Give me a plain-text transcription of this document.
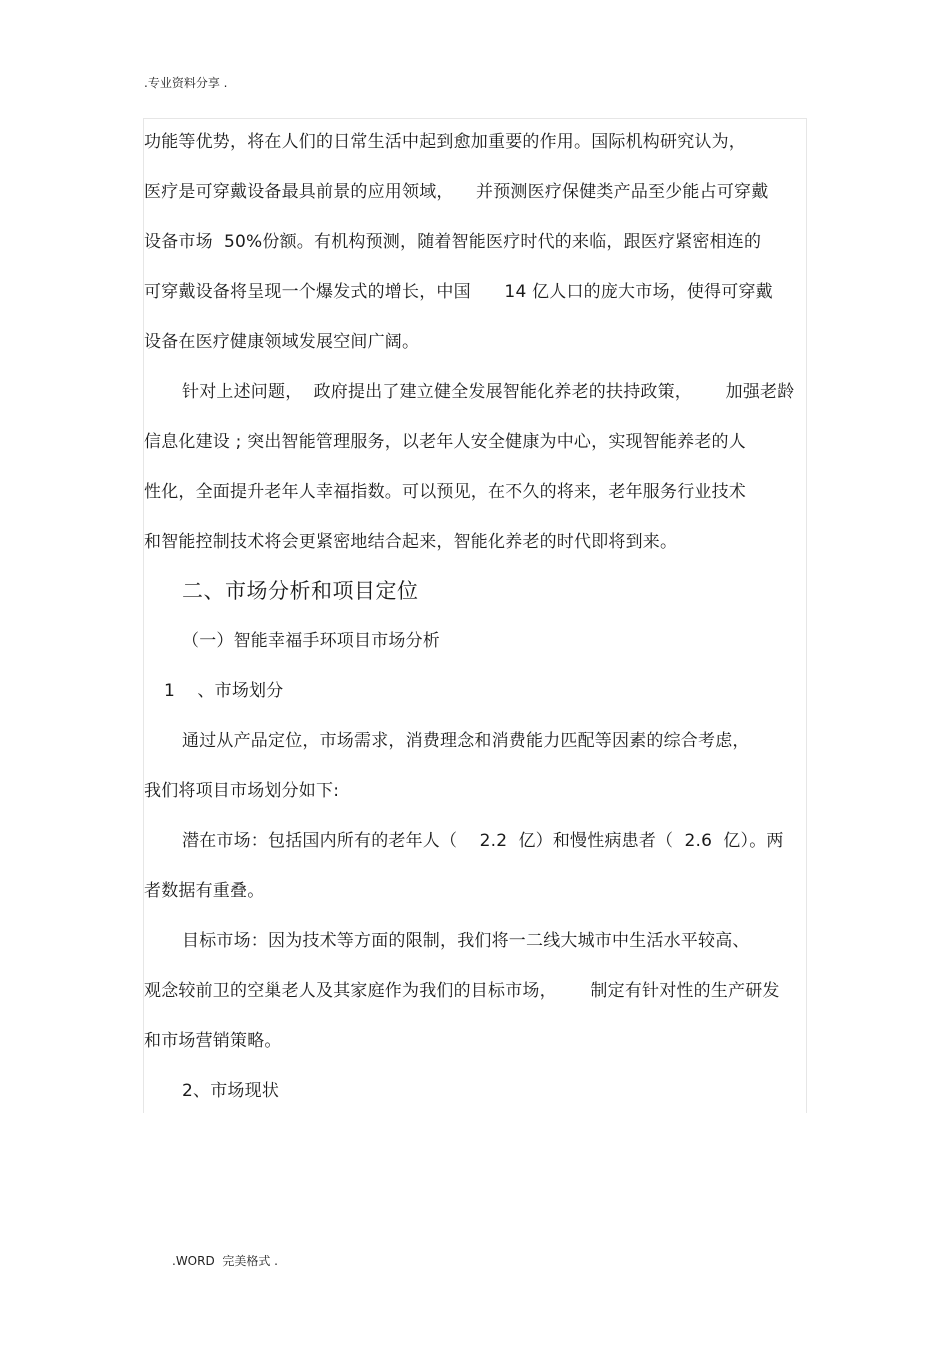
.专业资料分享 .
功能等优势，将在人们的日常生活中起到愈加重要的作用。国际机构研究认为，
医疗是可穿戴设备最具前景的应用领域，    并预测医疗保健类产品至少能占可穿戴
设备市场  50%份额。有机构预测，随着智能医疗时代的来临，跟医疗紧密相连的
可穿戴设备将呈现一个爆发式的增长，中国      14 亿人口的庞大市场，使得可穿戴
设备在医疗健康领域发展空间广阔。
针对上述问题，  政府提出了建立健全发展智能化养老的扶持政策，      加强老龄
信息化建设 ; 突出智能管理服务，以老年人安全健康为中心，实现智能养老的人
性化，全面提升老年人幸福指数。可以预见，在不久的将来，老年服务行业技术
和智能控制技术将会更紧密地结合起来，智能化养老的时代即将到来。
二、市场分析和项目定位
（一）智能幸福手环项目市场分析
1    、市场划分
通过从产品定位，市场需求，消费理念和消费能力匹配等因素的综合考虑，
我们将项目市场划分如下:
潜在市场：包括国内所有的老年人（    2.2  亿）和慢性病患者（  2.6  亿）。两
者数据有重叠。
目标市场：因为技术等方面的限制，我们将一二线大城市中生活水平较高、
观念较前卫的空巢老人及其家庭作为我们的目标市场，      制定有针对性的生产研发
和市场营销策略。
2、市场现状
.WORD  完美格式 .
